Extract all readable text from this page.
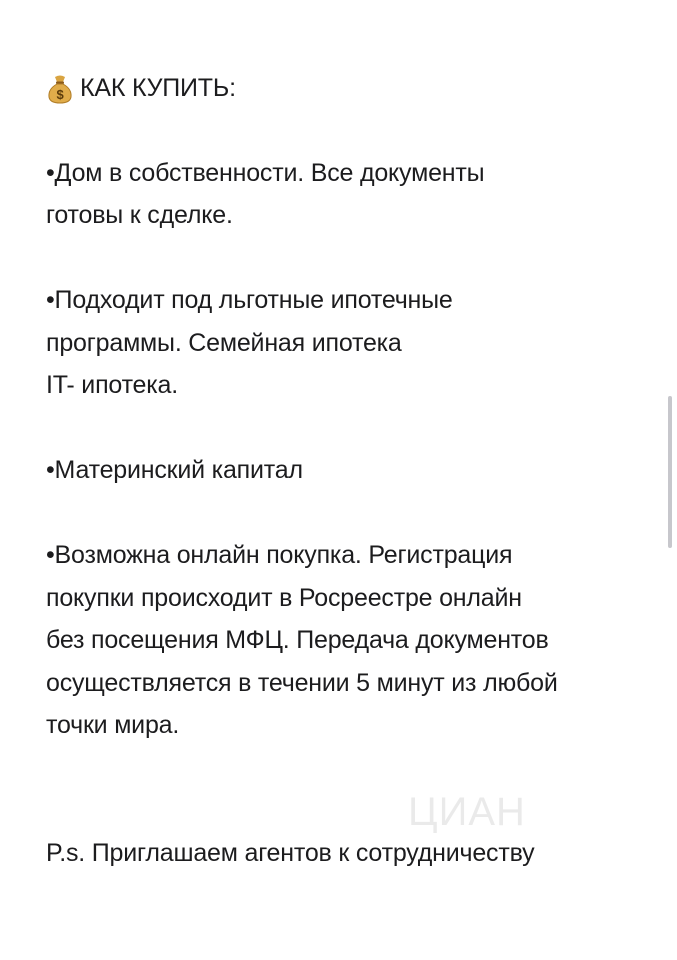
$ КАК КУПИТЬ:
•Дом в собственности. Все документы
готовы к сделке.
•Подходит под льготные ипотечные
программы. Семейная ипотека
IT- ипотека.
•Материнский капитал
•Возможна онлайн покупка. Регистрация
покупки происходит в Росреестре онлайн
без посещения МФЦ. Передача документов
осуществляется в течении 5 минут из любой
точки мира.
P.s. Приглашаем агентов к сотрудничеству
ЦИАН
